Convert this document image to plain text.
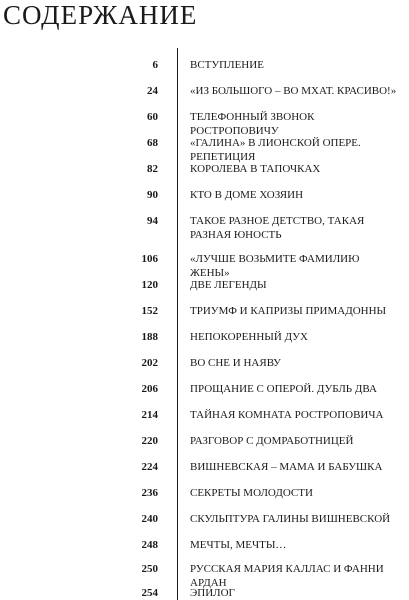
СОДЕРЖАНИЕ
6	ВСТУПЛЕНИЕ
24	«ИЗ БОЛЬШОГО – ВО МХАТ. КРАСИВО!»
60	ТЕЛЕФОННЫЙ ЗВОНОК РОСТРОПОВИЧУ
68	«ГАЛИНА» В ЛИОНСКОЙ ОПЕРЕ. РЕПЕТИЦИЯ
82	КОРОЛЕВА В ТАПОЧКАХ
90	КТО В ДОМЕ ХОЗЯИН
94	ТАКОЕ РАЗНОЕ ДЕТСТВО, ТАКАЯ
РАЗНАЯ ЮНОСТЬ
106	«ЛУЧШЕ ВОЗЬМИТЕ ФАМИЛИЮ ЖЕНЫ»
120	ДВЕ ЛЕГЕНДЫ
152	ТРИУМФ И КАПРИЗЫ ПРИМАДОННЫ
188	НЕПОКОРЕННЫЙ ДУХ
202	ВО СНЕ И НАЯВУ
206	ПРОЩАНИЕ С ОПЕРОЙ. ДУБЛЬ ДВА
214	ТАЙНАЯ КОМНАТА РОСТРОПОВИЧА
220	РАЗГОВОР С ДОМРАБОТНИЦЕЙ
224	ВИШНЕВСКАЯ – МАМА И БАБУШКА
236	СЕКРЕТЫ МОЛОДОСТИ
240	СКУЛЬПТУРА ГАЛИНЫ ВИШНЕВСКОЙ
248	МЕЧТЫ, МЕЧТЫ…
250	РУССКАЯ МАРИЯ КАЛЛАС И ФАННИ АРДАН
254	ЭПИЛОГ
